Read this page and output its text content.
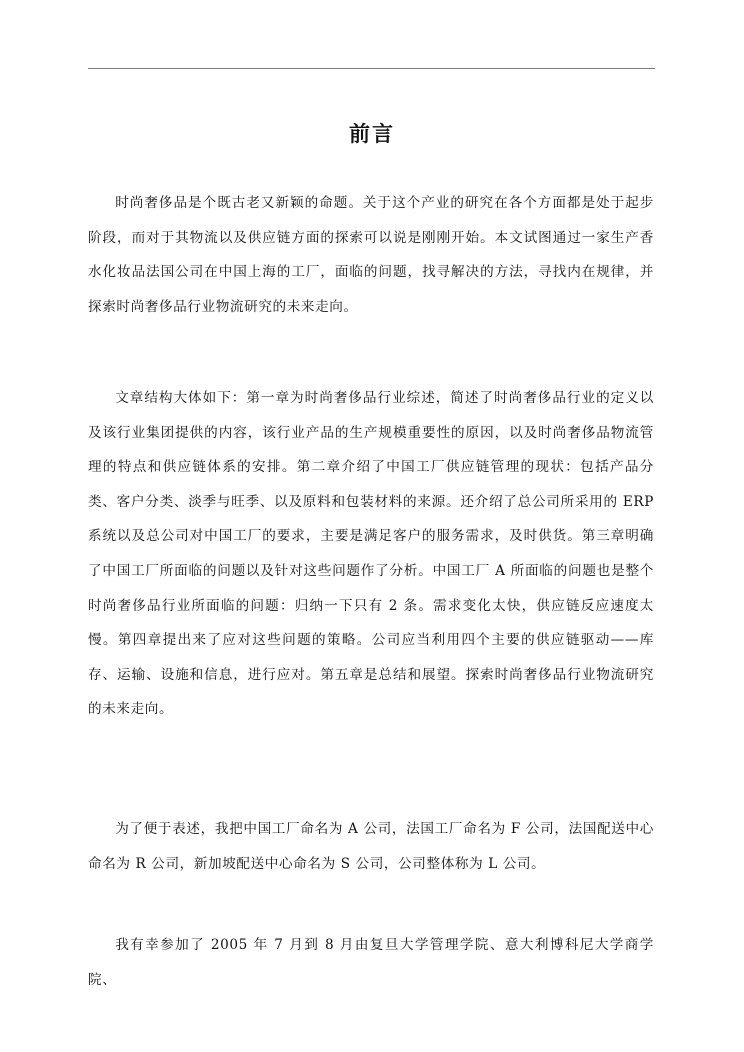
前言

时尚奢侈品是个既古老又新颖的命题。关于这个产业的研究在各个方面都是处于起步阶段，而对于其物流以及供应链方面的探索可以说是刚刚开始。本文试图通过一家生产香水化妆品法国公司在中国上海的工厂，面临的问题，找寻解决的方法，寻找内在规律，并探索时尚奢侈品行业物流研究的未来走向。

文章结构大体如下：第一章为时尚奢侈品行业综述，简述了时尚奢侈品行业的定义以及该行业集团提供的内容，该行业产品的生产规模重要性的原因，以及时尚奢侈品物流管理的特点和供应链体系的安排。第二章介绍了中国工厂供应链管理的现状：包括产品分类、客户分类、淡季与旺季、以及原料和包装材料的来源。还介绍了总公司所采用的 ERP 系统以及总公司对中国工厂的要求，主要是满足客户的服务需求，及时供货。第三章明确了中国工厂所面临的问题以及针对这些问题作了分析。中国工厂 A 所面临的问题也是整个时尚奢侈品行业所面临的问题：归纳一下只有 2 条。需求变化太快，供应链反应速度太慢。第四章提出来了应对这些问题的策略。公司应当利用四个主要的供应链驱动——库存、运输、设施和信息，进行应对。第五章是总结和展望。探索时尚奢侈品行业物流研究的未来走向。

为了便于表述，我把中国工厂命名为 A 公司，法国工厂命名为 F 公司，法国配送中心命名为 R 公司，新加坡配送中心命名为 S 公司，公司整体称为 L 公司。

我有幸参加了 2005 年 7 月到 8 月由复旦大学管理学院、意大利博科尼大学商学院、
